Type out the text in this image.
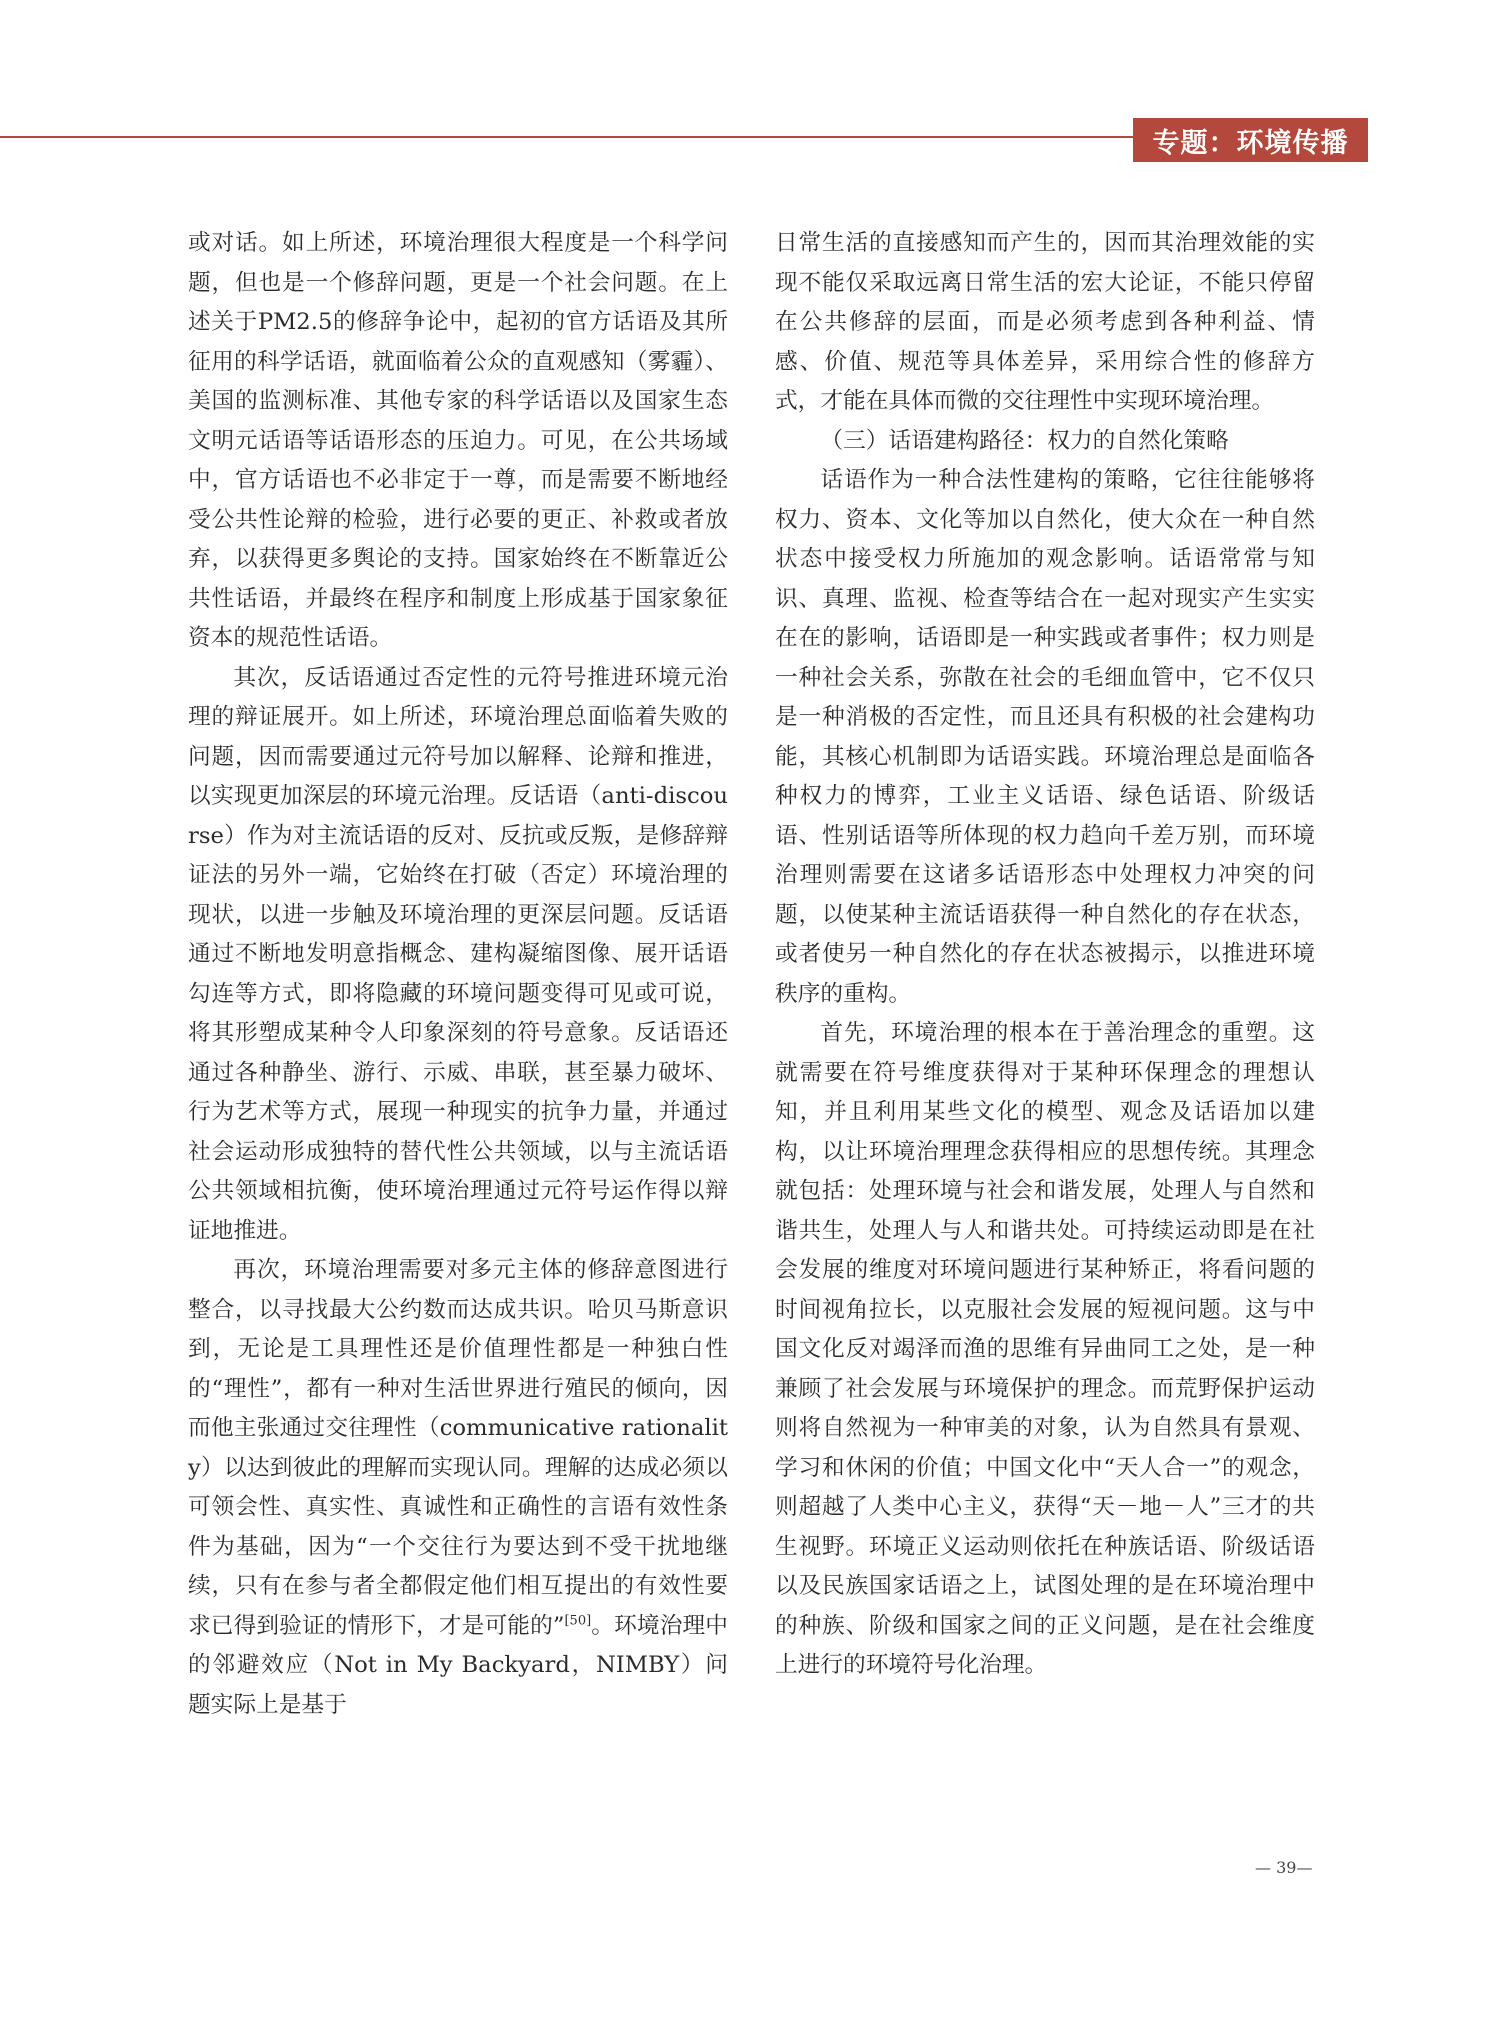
专题：环境传播

或对话。如上所述，环境治理很大程度是一个科学问题，但也是一个修辞问题，更是一个社会问题。在上述关于PM2.5的修辞争论中，起初的官方话语及其所征用的科学话语，就面临着公众的直观感知（雾霾）、美国的监测标准、其他专家的科学话语以及国家生态文明元话语等话语形态的压迫力。可见，在公共场域中，官方话语也不必非定于一尊，而是需要不断地经受公共性论辩的检验，进行必要的更正、补救或者放弃，以获得更多舆论的支持。国家始终在不断靠近公共性话语，并最终在程序和制度上形成基于国家象征资本的规范性话语。

其次，反话语通过否定性的元符号推进环境元治理的辩证展开。如上所述，环境治理总面临着失败的问题，因而需要通过元符号加以解释、论辩和推进，以实现更加深层的环境元治理。反话语（anti-discourse）作为对主流话语的反对、反抗或反叛，是修辞辩证法的另外一端，它始终在打破（否定）环境治理的现状，以进一步触及环境治理的更深层问题。反话语通过不断地发明意指概念、建构凝缩图像、展开话语勾连等方式，即将隐藏的环境问题变得可见或可说，将其形塑成某种令人印象深刻的符号意象。反话语还通过各种静坐、游行、示威、串联，甚至暴力破坏、行为艺术等方式，展现一种现实的抗争力量，并通过社会运动形成独特的替代性公共领域，以与主流话语公共领域相抗衡，使环境治理通过元符号运作得以辩证地推进。

再次，环境治理需要对多元主体的修辞意图进行整合，以寻找最大公约数而达成共识。哈贝马斯意识到，无论是工具理性还是价值理性都是一种独白性的“理性”，都有一种对生活世界进行殖民的倾向，因而他主张通过交往理性（communicative rationality）以达到彼此的理解而实现认同。理解的达成必须以可领会性、真实性、真诚性和正确性的言语有效性条件为基础，因为“一个交往行为要达到不受干扰地继续，只有在参与者全都假定他们相互提出的有效性要求已得到验证的情形下，才是可能的”[50]。环境治理中的邻避效应（Not in My Backyard，NIMBY）问题实际上是基于

日常生活的直接感知而产生的，因而其治理效能的实现不能仅采取远离日常生活的宏大论证，不能只停留在公共修辞的层面，而是必须考虑到各种利益、情感、价值、规范等具体差异，采用综合性的修辞方式，才能在具体而微的交往理性中实现环境治理。

（三）话语建构路径：权力的自然化策略

话语作为一种合法性建构的策略，它往往能够将权力、资本、文化等加以自然化，使大众在一种自然状态中接受权力所施加的观念影响。话语常常与知识、真理、监视、检查等结合在一起对现实产生实实在在的影响，话语即是一种实践或者事件；权力则是一种社会关系，弥散在社会的毛细血管中，它不仅只是一种消极的否定性，而且还具有积极的社会建构功能，其核心机制即为话语实践。环境治理总是面临各种权力的博弈，工业主义话语、绿色话语、阶级话语、性别话语等所体现的权力趋向千差万别，而环境治理则需要在这诸多话语形态中处理权力冲突的问题，以使某种主流话语获得一种自然化的存在状态，或者使另一种自然化的存在状态被揭示，以推进环境秩序的重构。

首先，环境治理的根本在于善治理念的重塑。这就需要在符号维度获得对于某种环保理念的理想认知，并且利用某些文化的模型、观念及话语加以建构，以让环境治理理念获得相应的思想传统。其理念就包括：处理环境与社会和谐发展，处理人与自然和谐共生，处理人与人和谐共处。可持续运动即是在社会发展的维度对环境问题进行某种矫正，将看问题的时间视角拉长，以克服社会发展的短视问题。这与中国文化反对竭泽而渔的思维有异曲同工之处，是一种兼顾了社会发展与环境保护的理念。而荒野保护运动则将自然视为一种审美的对象，认为自然具有景观、学习和休闲的价值；中国文化中“天人合一”的观念，则超越了人类中心主义，获得“天－地－人”三才的共生视野。环境正义运动则依托在种族话语、阶级话语以及民族国家话语之上，试图处理的是在环境治理中的种族、阶级和国家之间的正义问题，是在社会维度上进行的环境符号化治理。

— 39—
